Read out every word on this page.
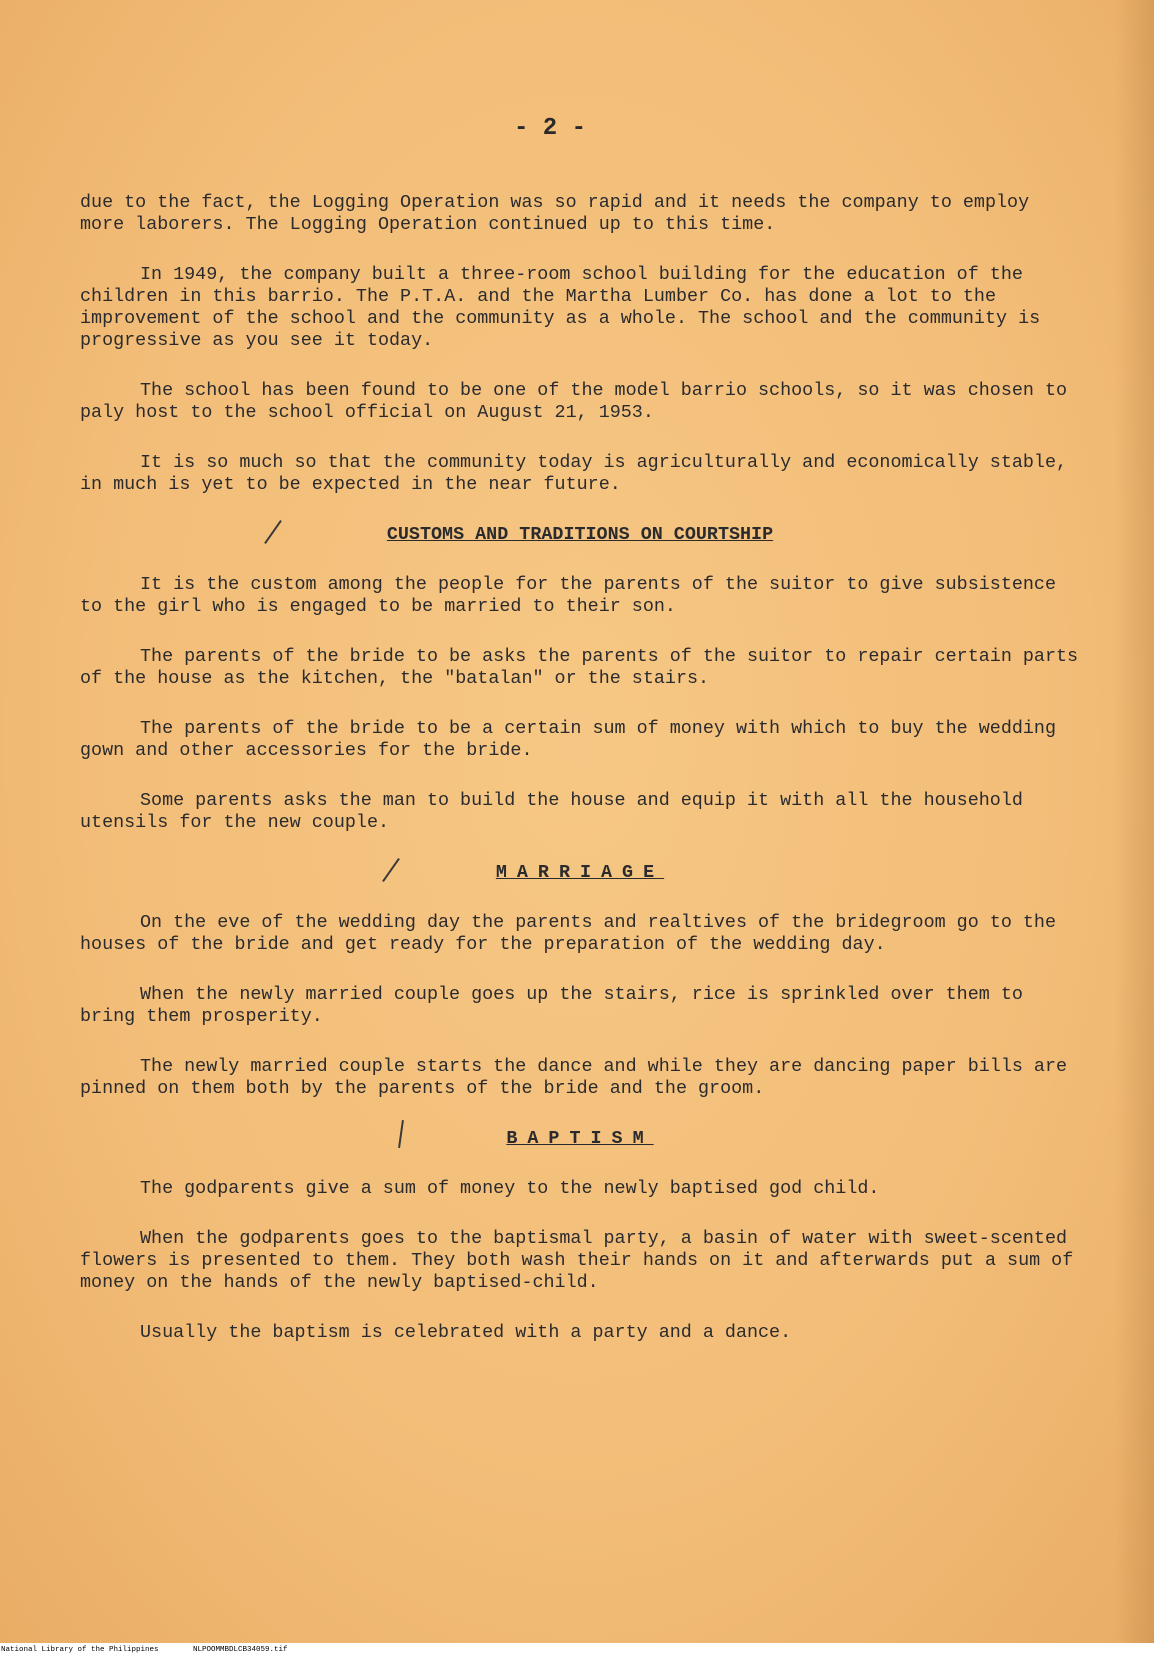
- 2 -

due to the fact, the Logging Operation was so rapid and it needs the company to employ more laborers. The Logging Operation continued up to this time.

In 1949, the company built a three-room school building for the education of the children in this barrio. The P.T.A. and the Martha Lumber Co. has done a lot to the improvement of the school and the community as a whole. The school and the community is progressive as you see it today.

The school has been found to be one of the model barrio schools, so it was chosen to paly host to the school official on August 21, 1953.

It is so much so that the community today is agriculturally and economically stable, in much is yet to be expected in the near future.

CUSTOMS AND TRADITIONS ON COURTSHIP

It is the custom among the people for the parents of the suitor to give subsistence to the girl who is engaged to be married to their son.

The parents of the bride to be asks the parents of the suitor to repair certain parts of the house as the kitchen, the "batalan" or the stairs.

The parents of the bride to be a certain sum of money with which to buy the wedding gown and other accessories for the bride.

Some parents asks the man to build the house and equip it with all the household utensils for the new couple.

MARRIAGE

On the eve of the wedding day the parents and realtives of the bridegroom go to the houses of the bride and get ready for the preparation of the wedding day.

When the newly married couple goes up the stairs, rice is sprinkled over them to bring them prosperity.

The newly married couple starts the dance and while they are dancing paper bills are pinned on them both by the parents of the bride and the groom.

BAPTISM

The godparents give a sum of money to the newly baptised god child.

When the godparents goes to the baptismal party, a basin of water with sweet-scented flowers is presented to them. They both wash their hands on it and afterwards put a sum of money on the hands of the newly baptised-child.

Usually the baptism is celebrated with a party and a dance.

National Library of the Philippines	NLPOOMMBDLCB34059.tif
